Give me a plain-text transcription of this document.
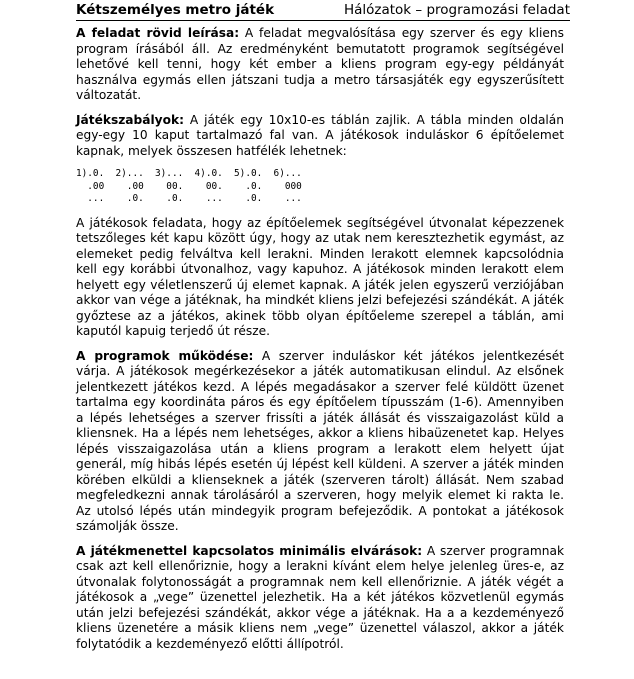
Kétszemélyes metro játék	Hálózatok – programozási feladat

A feladat rövid leírása: A feladat megvalósítása egy szerver és egy kliens program írásából áll. Az eredményként bemutatott programok segítségével lehetővé kell tenni, hogy két ember a kliens program egy-egy példányát használva egymás ellen játszani tudja a metro társasjáték egy egyszerűsített változatát.

Játékszabályok: A játék egy 10x10-es táblán zajlik. A tábla minden oldalán egy-egy 10 kaput tartalmazó fal van. A játékosok induláskor 6 építőelemet kapnak, melyek összesen hatfélék lehetnek:

1).0.  2)...  3)...  4).0.  5).0.  6)...
.00    .00    00.    00.    .0.    000
...    .0.    .0.    ...    .0.    ...

A játékosok feladata, hogy az építőelemek segítségével útvonalat képezzenek tetszőleges két kapu között úgy, hogy az utak nem keresztezhetik egymást, az elemeket pedig felváltva kell lerakni. Minden lerakott elemnek kapcsolódnia kell egy korábbi útvonalhoz, vagy kapuhoz. A játékosok minden lerakott elem helyett egy véletlenszerű új elemet kapnak. A játék jelen egyszerű verziójában akkor van vége a játéknak, ha mindkét kliens jelzi befejezési szándékát. A játék győztese az a játékos, akinek több olyan építőeleme szerepel a táblán, ami kaputól kapuig terjedő út része.

A programok működése: A szerver induláskor két játékos jelentkezését várja. A játékosok megérkezésekor a játék automatikusan elindul. Az elsőnek jelentkezett játékos kezd. A lépés megadásakor a szerver felé küldött üzenet tartalma egy koordináta páros és egy építőelem típusszám (1-6). Amennyiben a lépés lehetséges a szerver frissíti a játék állását és visszaigazolást küld a kliensnek. Ha a lépés nem lehetséges, akkor a kliens hibaüzenetet kap. Helyes lépés visszaigazolása után a kliens program a lerakott elem helyett újat generál, míg hibás lépés esetén új lépést kell küldeni. A szerver a játék minden körében elküldi a klienseknek a játék (szerveren tárolt) állását. Nem szabad megfeledkezni annak tárolásáról a szerveren, hogy melyik elemet ki rakta le. Az utolsó lépés után mindegyik program befejeződik. A pontokat a játékosok számolják össze.

A játékmenettel kapcsolatos minimális elvárások: A szerver programnak csak azt kell ellenőriznie, hogy a lerakni kívánt elem helye jelenleg üres-e, az útvonalak folytonosságát a programnak nem kell ellenőriznie. A játék végét a játékosok a „vege” üzenettel jelezhetik. Ha a két játékos közvetlenül egymás után jelzi befejezési szándékát, akkor vége a játéknak. Ha a a kezdeményező kliens üzenetére a másik kliens nem „vege” üzenettel válaszol, akkor a játék folytatódik a kezdeményező előtti állípotról.
